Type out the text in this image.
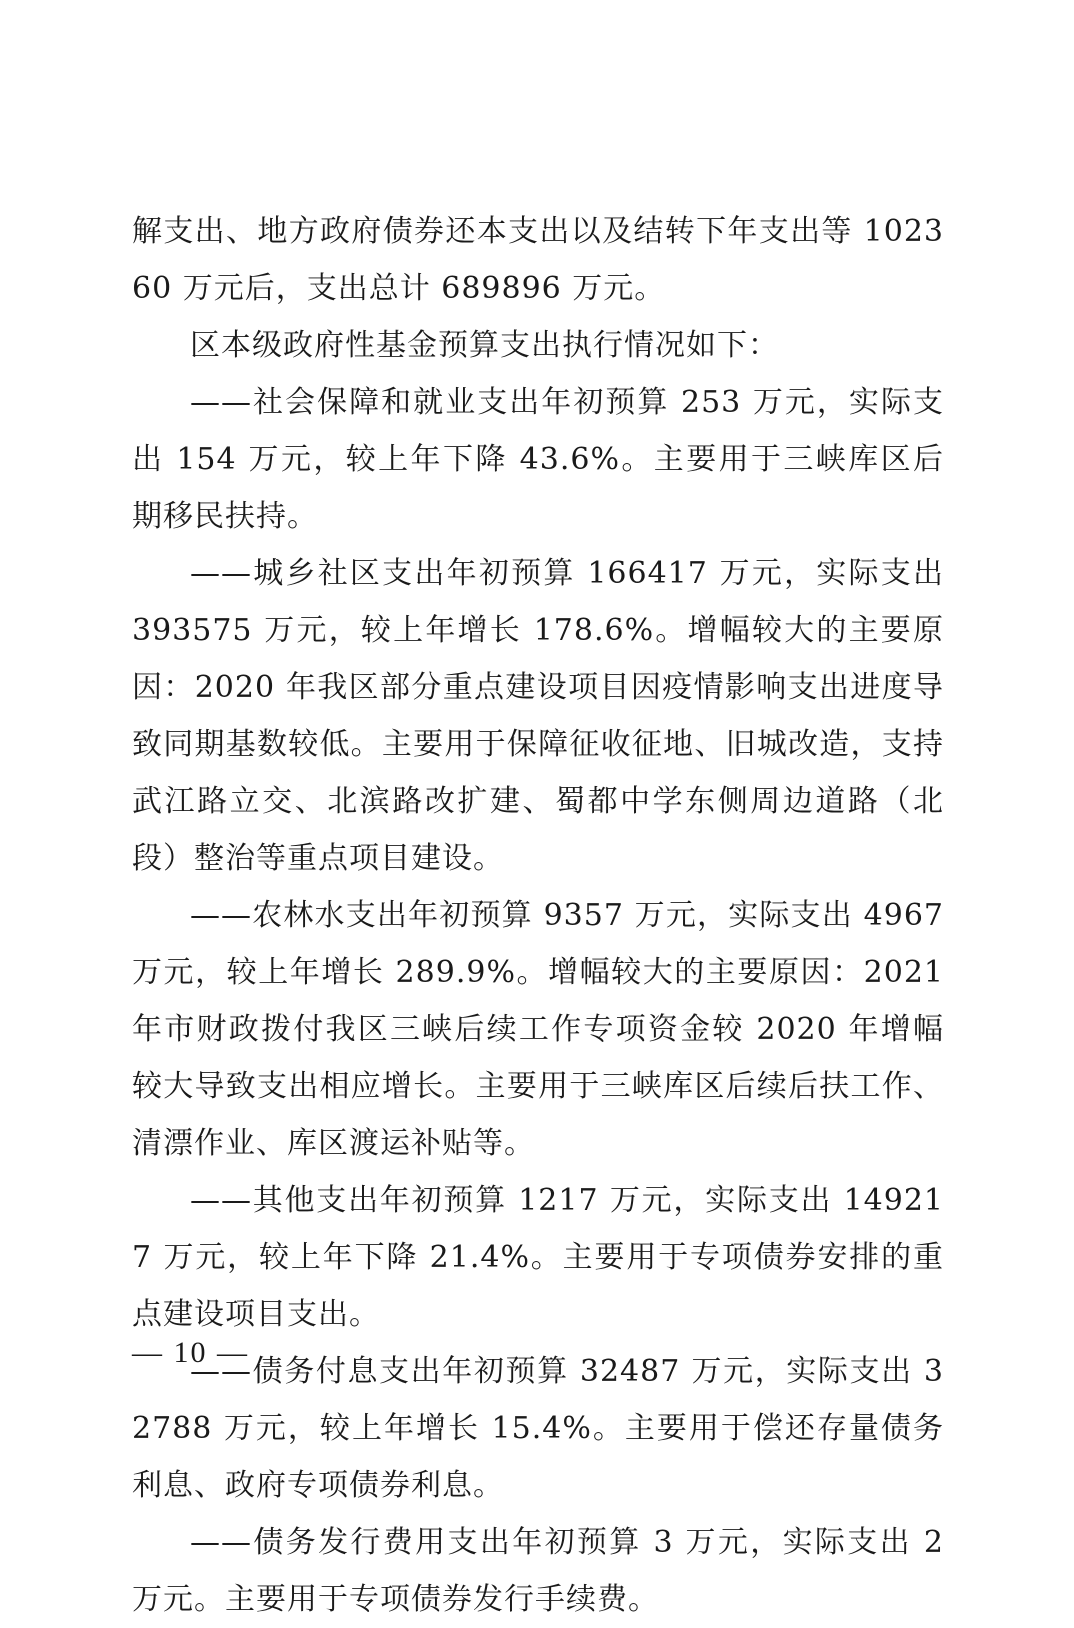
解支出、地方政府债券还本支出以及结转下年支出等 102360 万元后，支出总计 689896 万元。

区本级政府性基金预算支出执行情况如下：

——社会保障和就业支出年初预算 253 万元，实际支出 154 万元，较上年下降 43.6%。主要用于三峡库区后期移民扶持。

——城乡社区支出年初预算 166417 万元，实际支出 393575 万元，较上年增长 178.6%。增幅较大的主要原因：2020 年我区部分重点建设项目因疫情影响支出进度导致同期基数较低。主要用于保障征收征地、旧城改造，支持武江路立交、北滨路改扩建、蜀都中学东侧周边道路（北段）整治等重点项目建设。

——农林水支出年初预算 9357 万元，实际支出 4967 万元，较上年增长 289.9%。增幅较大的主要原因：2021 年市财政拨付我区三峡后续工作专项资金较 2020 年增幅较大导致支出相应增长。主要用于三峡库区后续后扶工作、清漂作业、库区渡运补贴等。

——其他支出年初预算 1217 万元，实际支出 149217 万元，较上年下降 21.4%。主要用于专项债券安排的重点建设项目支出。

——债务付息支出年初预算 32487 万元，实际支出 32788 万元，较上年增长 15.4%。主要用于偿还存量债务利息、政府专项债券利息。

——债务发行费用支出年初预算 3 万元，实际支出 2 万元。主要用于专项债券发行手续费。

— 10 —
